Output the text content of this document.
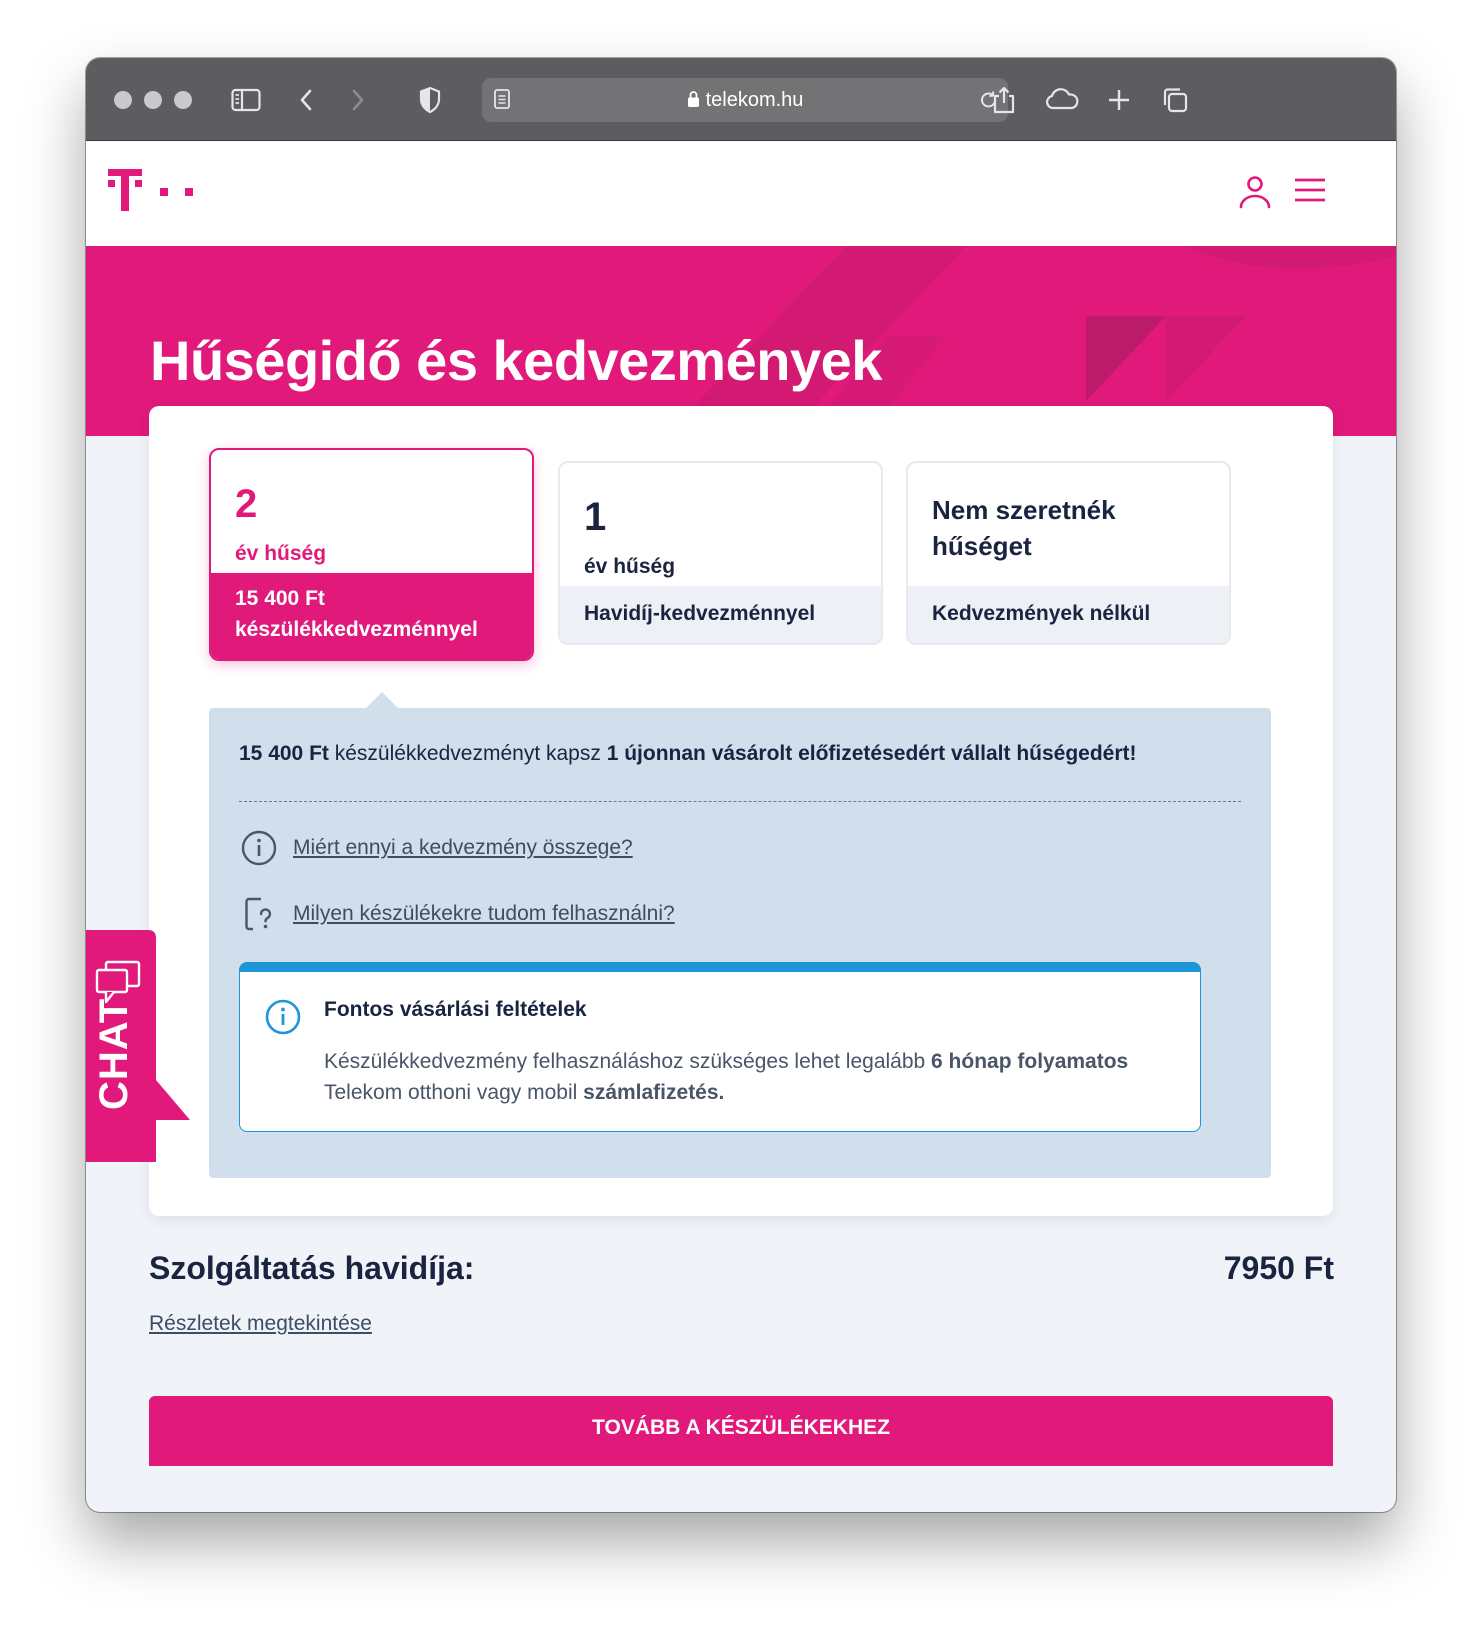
telekom.hu
Hűségidő és kedvezmények
2
év hűség
15 400 Ft
készülékkedvezménnyel
1
év hűség
Havidíj-kedvezménnyel
Nem szeretnék
hűséget
Kedvezmények nélkül
15 400 Ft készülékkedvezményt kapsz 1 újonnan vásárolt előfizetésedért vállalt hűségedért!
Miért ennyi a kedvezmény összege?
Milyen készülékekre tudom felhasználni?
Fontos vásárlási feltételek
Készülékkedvezmény felhasználáshoz szükséges lehet legalább 6 hónap folyamatos
Telekom otthoni vagy mobil számlafizetés.
Szolgáltatás havidíja:	7950 Ft
Részletek megtekintése
TOVÁBB A KÉSZÜLÉKEKHEZ
CHAT
